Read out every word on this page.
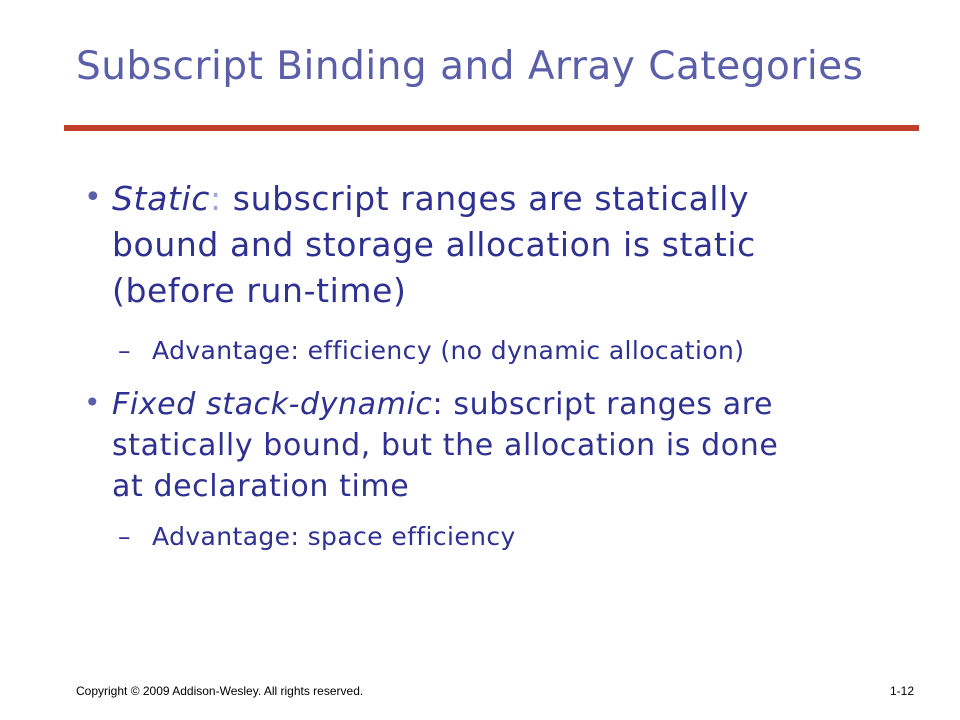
Subscript Binding and Array Categories
• Static: subscript ranges are statically
bound and storage allocation is static
(before run-time)
– Advantage: efficiency (no dynamic allocation)
• Fixed stack-dynamic: subscript ranges are
statically bound, but the allocation is done
at declaration time
– Advantage: space efficiency
Copyright © 2009 Addison-Wesley. All rights reserved.	1-12
